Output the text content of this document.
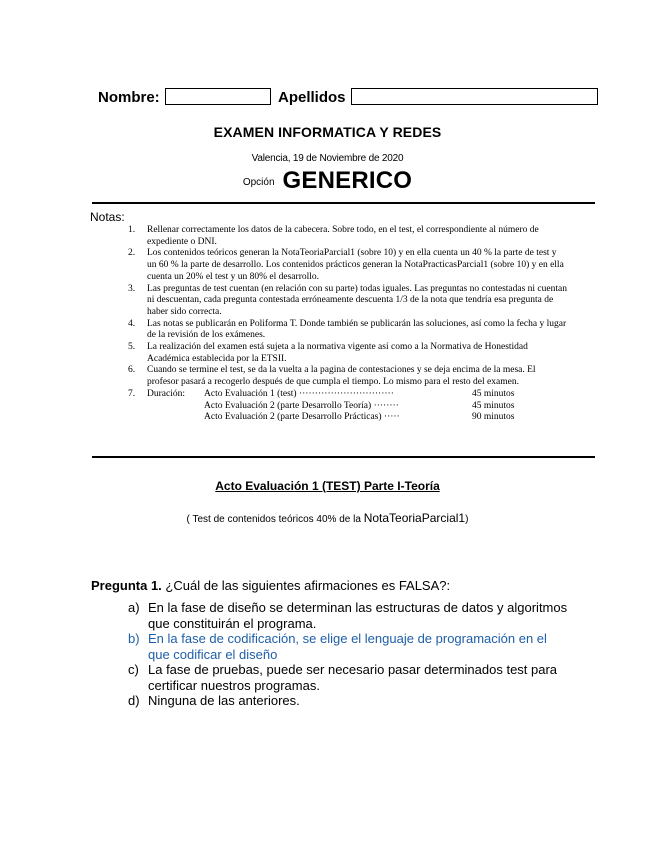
Nombre:	Apellidos
EXAMEN INFORMATICA Y REDES
Valencia, 19 de Noviembre de 2020
Opción GENERICO
Notas:
1. Rellenar correctamente los datos de la cabecera. Sobre todo, en el test, el correspondiente al número de expediente o DNI.
2. Los contenidos teóricos generan la NotaTeoriaParcial1 (sobre 10) y en ella cuenta un 40 % la parte de test y un 60 % la parte de desarrollo. Los contenidos prácticos generan la NotaPracticasParcial1 (sobre 10) y en ella cuenta un 20% el test y un 80% el desarrollo.
3. Las preguntas de test cuentan (en relación con su parte) todas iguales. Las preguntas no contestadas ni cuentan ni descuentan, cada pregunta contestada erróneamente descuenta 1/3 de la nota que tendría esa pregunta de haber sido correcta.
4. Las notas se publicarán en Poliforma T. Donde también se publicarán las soluciones, así como la fecha y lugar de la revisión de los exámenes.
5. La realización del examen está sujeta a la normativa vigente así como a la Normativa de Honestidad Académica establecida por la ETSII.
6. Cuando se termine el test, se da la vuelta a la pagina de contestaciones y se deja encima de la mesa. El profesor pasará a recogerlo después de que cumpla el tiempo. Lo mismo para el resto del examen.
7. Duración:	Acto Evaluación 1 (test) ······························	45 minutos
	Acto Evaluación 2 (parte Desarrollo Teoría) ········	45 minutos
	Acto Evaluación 2 (parte Desarrollo Prácticas) ·····	90 minutos
Acto Evaluación 1 (TEST) Parte I-Teoría
( Test de contenidos teóricos 40% de la NotaTeoriaParcial1)
Pregunta 1. ¿Cuál de las siguientes afirmaciones es FALSA?:
a) En la fase de diseño se determinan las estructuras de datos y algoritmos que constituirán el programa.
b) En la fase de codificación, se elige el lenguaje de programación en el que codificar el diseño
c) La fase de pruebas, puede ser necesario pasar determinados test para certificar nuestros programas.
d) Ninguna de las anteriores.
